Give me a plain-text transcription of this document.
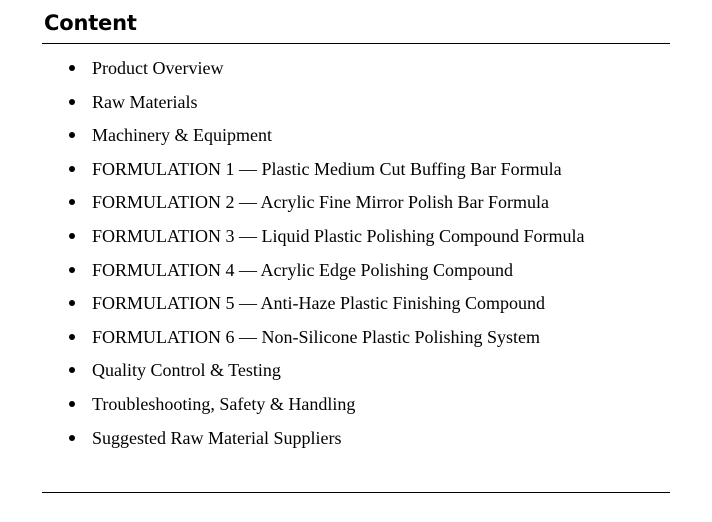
Content
Product Overview
Raw Materials
Machinery & Equipment
FORMULATION 1 — Plastic Medium Cut Buffing Bar Formula
FORMULATION 2 — Acrylic Fine Mirror Polish Bar Formula
FORMULATION 3 — Liquid Plastic Polishing Compound Formula
FORMULATION 4 — Acrylic Edge Polishing Compound
FORMULATION 5 — Anti-Haze Plastic Finishing Compound
FORMULATION 6 — Non-Silicone Plastic Polishing System
Quality Control & Testing
Troubleshooting, Safety & Handling
Suggested Raw Material Suppliers
